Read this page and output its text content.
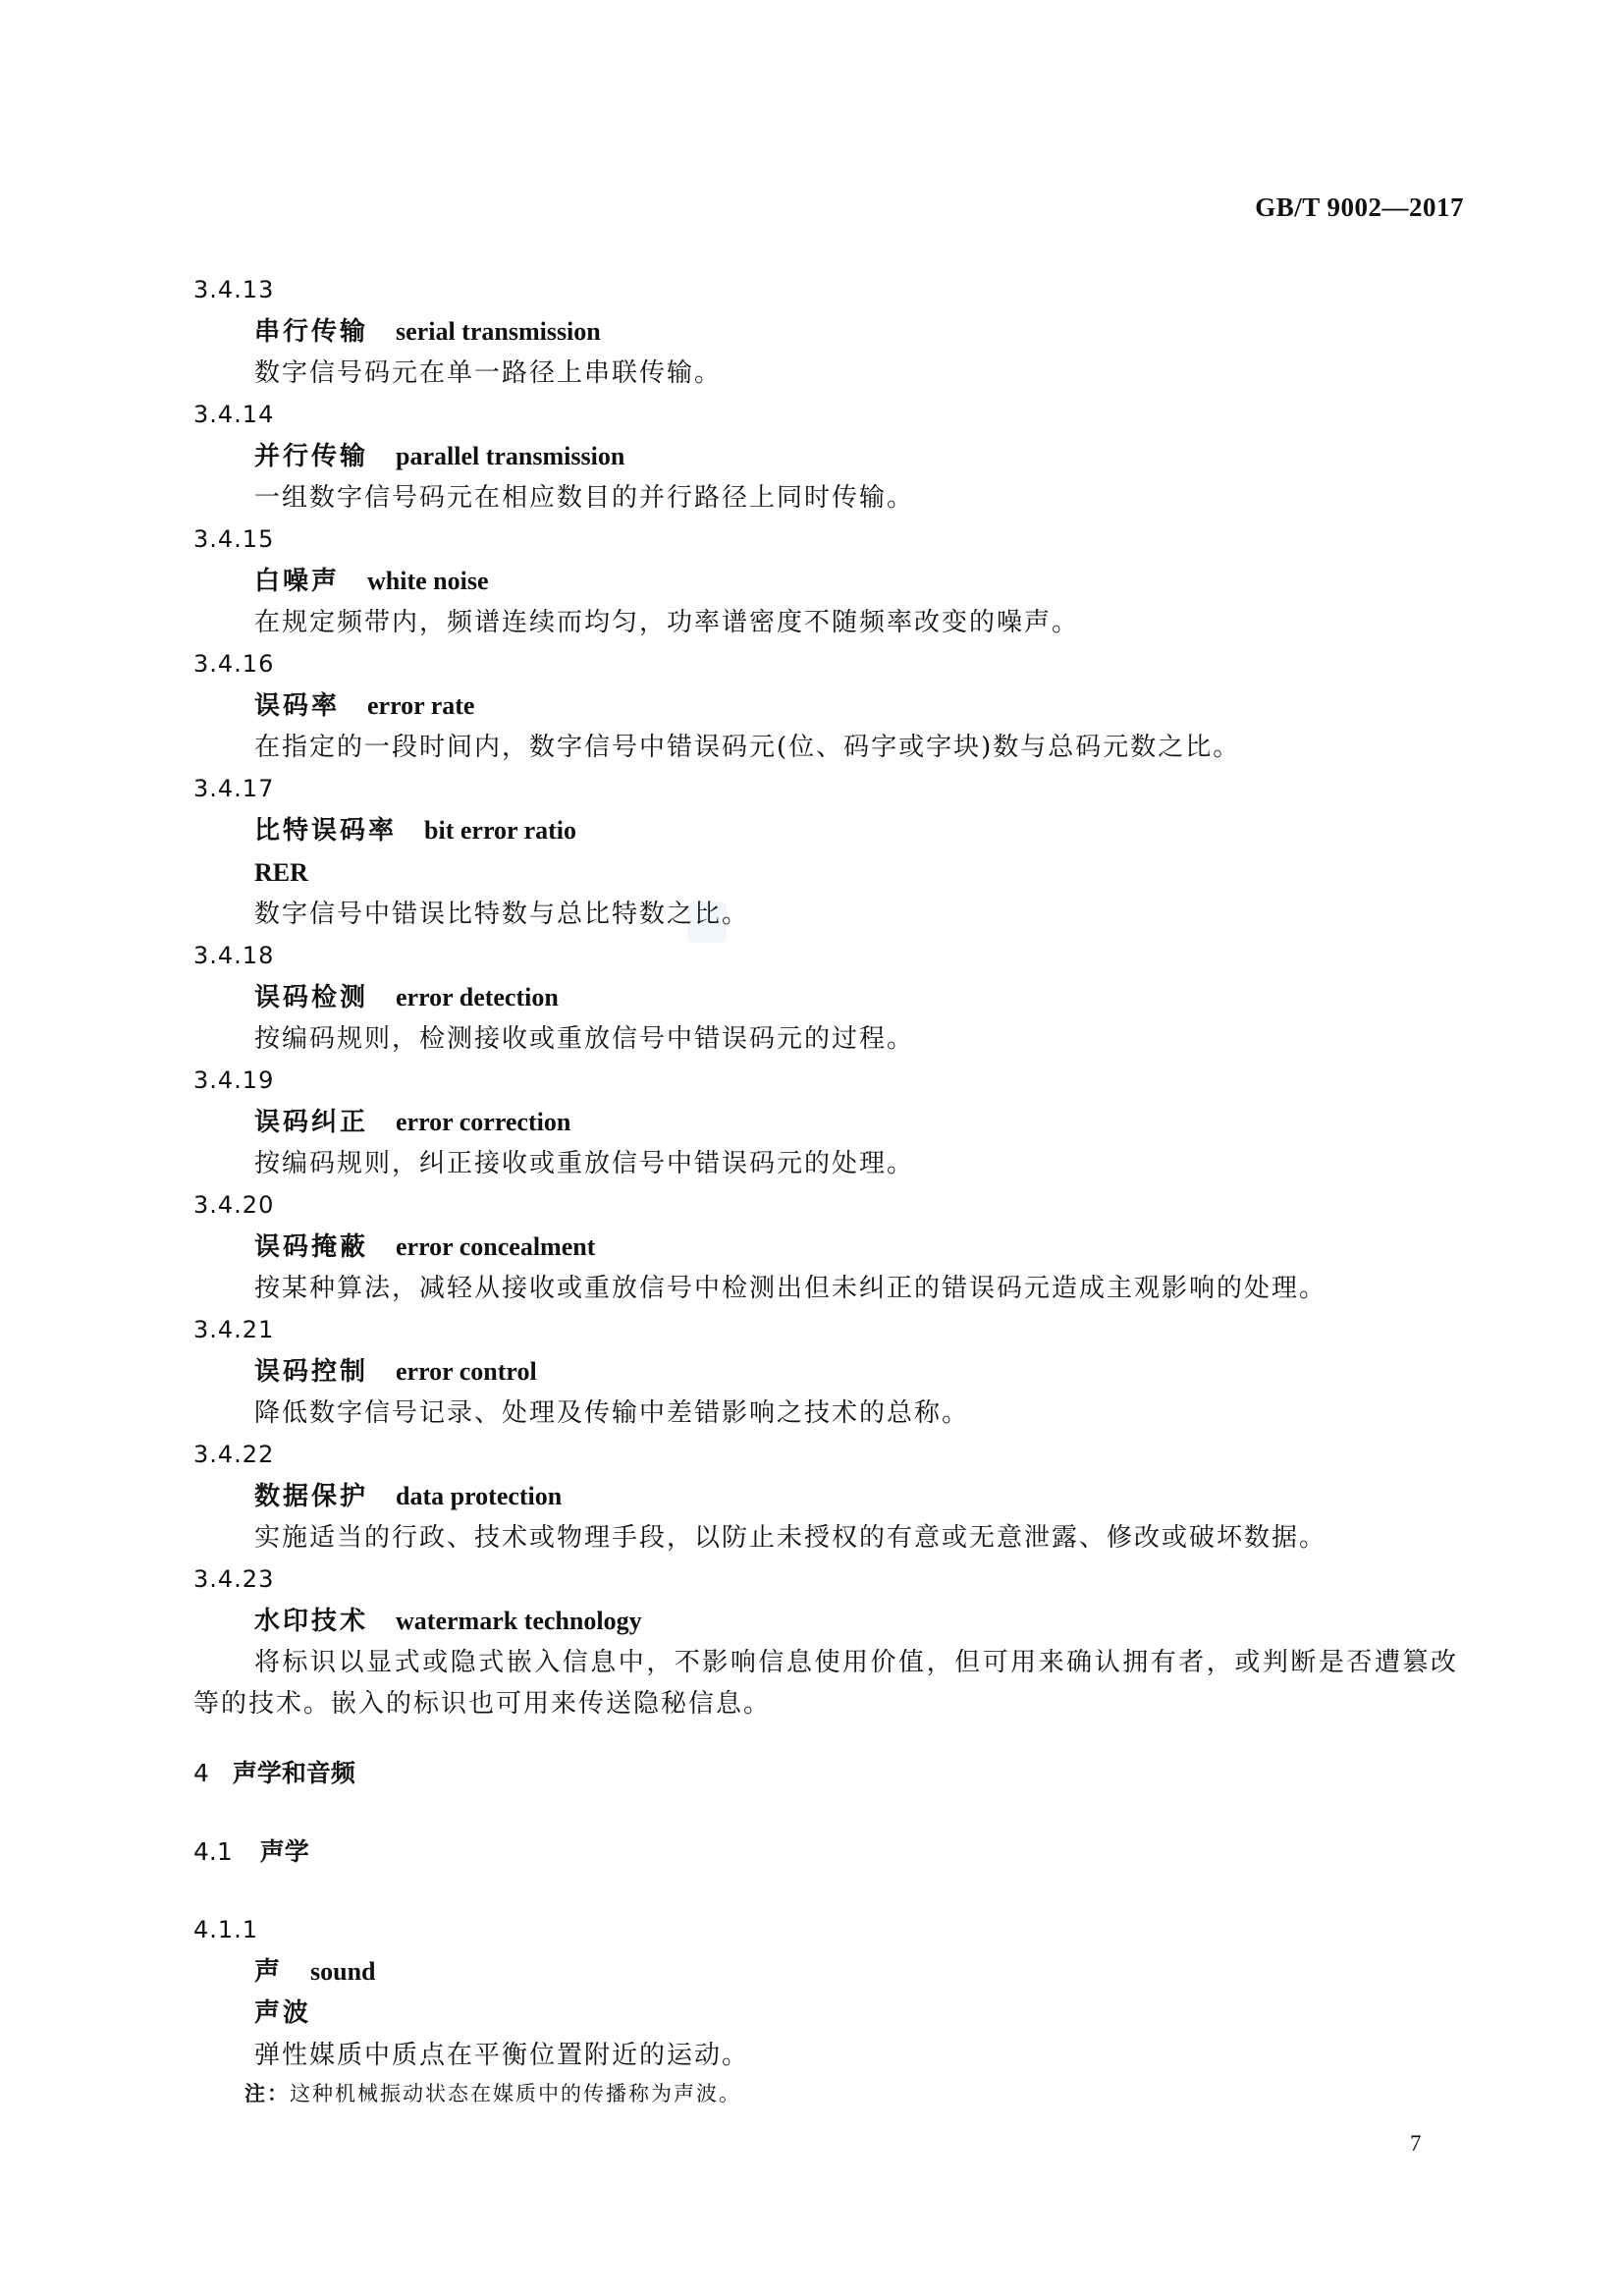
GB/T 9002—2017
3.4.13
串行传输 serial transmission
数字信号码元在单一路径上串联传输。
3.4.14
并行传输 parallel transmission
一组数字信号码元在相应数目的并行路径上同时传输。
3.4.15
白噪声 white noise
在规定频带内，频谱连续而均匀，功率谱密度不随频率改变的噪声。
3.4.16
误码率 error rate
在指定的一段时间内，数字信号中错误码元(位、码字或字块)数与总码元数之比。
3.4.17
比特误码率 bit error ratio
RER
数字信号中错误比特数与总比特数之比。
3.4.18
误码检测 error detection
按编码规则，检测接收或重放信号中错误码元的过程。
3.4.19
误码纠正 error correction
按编码规则，纠正接收或重放信号中错误码元的处理。
3.4.20
误码掩蔽 error concealment
按某种算法，减轻从接收或重放信号中检测出但未纠正的错误码元造成主观影响的处理。
3.4.21
误码控制 error control
降低数字信号记录、处理及传输中差错影响之技术的总称。
3.4.22
数据保护 data protection
实施适当的行政、技术或物理手段，以防止未授权的有意或无意泄露、修改或破坏数据。
3.4.23
水印技术 watermark technology
将标识以显式或隐式嵌入信息中，不影响信息使用价值，但可用来确认拥有者，或判断是否遭篡改等的技术。嵌入的标识也可用来传送隐秘信息。
4 声学和音频
4.1 声学
4.1.1
声 sound
声波
弹性媒质中质点在平衡位置附近的运动。
注：这种机械振动状态在媒质中的传播称为声波。
7
